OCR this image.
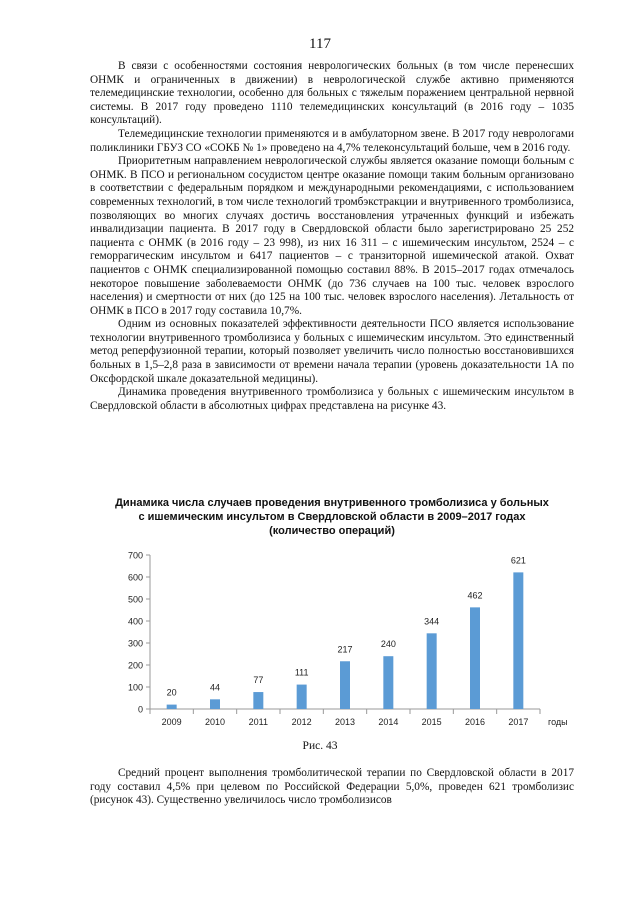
117

В связи с особенностями состояния неврологических больных (в том числе перенесших ОНМК и ограниченных в движении) в неврологической службе активно применяются телемедицинские технологии, особенно для больных с тяжелым поражением центральной нервной системы. В 2017 году проведено 1110 телемедицинских консультаций (в 2016 году – 1035 консультаций).

Телемедицинские технологии применяются и в амбулаторном звене. В 2017 году неврологами поликлиники ГБУЗ СО «СОКБ № 1» проведено на 4,7% телеконсультаций больше, чем в 2016 году.

Приоритетным направлением неврологической службы является оказание помощи больным с ОНМК. В ПСО и региональном сосудистом центре оказание помощи таким больным организовано в соответствии с федеральным порядком и международными рекомендациями, с использованием современных технологий, в том числе технологий тромбэкстракции и внутривенного тромболизиса, позволяющих во многих случаях достичь восстановления утраченных функций и избежать инвалидизации пациента. В 2017 году в Свердловской области было зарегистрировано 25 252 пациента с ОНМК (в 2016 году – 23 998), из них 16 311 – с ишемическим инсультом, 2524 – с геморрагическим инсультом и 6417 пациентов – с транзиторной ишемической атакой. Охват пациентов с ОНМК специализированной помощью составил 88%. В 2015–2017 годах отмечалось некоторое повышение заболеваемости ОНМК (до 736 случаев на 100 тыс. человек взрослого населения) и смертности от них (до 125 на 100 тыс. человек взрослого населения). Летальность от ОНМК в ПСО в 2017 году составила 10,7%.

Одним из основных показателей эффективности деятельности ПСО является использование технологии внутривенного тромболизиса у больных с ишемическим инсультом. Это единственный метод реперфузионной терапии, который позволяет увеличить число полностью восстановившихся больных в 1,5–2,8 раза в зависимости от времени начала терапии (уровень доказательности 1А по Оксфордской шкале доказательной медицины).

Динамика проведения внутривенного тромболизиса у больных с ишемическим инсультом в Свердловской области в абсолютных цифрах представлена на рисунке 43.

Динамика числа случаев проведения внутривенного тромболизиса у больных
с ишемическим инсультом в Свердловской области в 2009–2017 годах
(количество операций)
0
100
200
300
400
500
600
700
20
2009
44
2010
77
2011
111
2012
217
2013
240
2014
344
2015
462
2016
621
2017 годы
Рис. 43

Средний процент выполнения тромболитической терапии по Свердловской области в 2017 году составил 4,5% при целевом по Российской Федерации 5,0%, проведен 621 тромболизис (рисунок 43). Существенно увеличилось число тромболизисов
